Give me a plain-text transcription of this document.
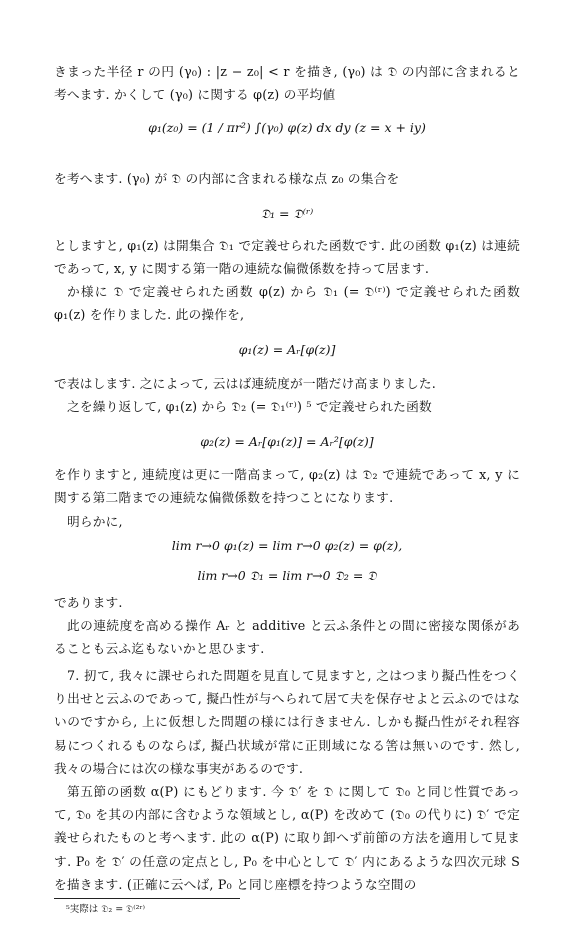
きまった半径 r の円 (γ₀) : |z − z₀| < r を描き, (γ₀) は 𝔇 の内部に含まれると考へます. かくして (γ₀) に関する φ(z) の平均値

φ₁(z₀) = (1 / πr²) ∫(γ₀) φ(z) dx dy (z = x + iy)

を考へます. (γ₀) が 𝔇 の内部に含まれる様な点 z₀ の集合を

𝔇₁ = 𝔇⁽ʳ⁾

としますと, φ₁(z) は開集合 𝔇₁ で定義せられた函数です. 此の函数 φ₁(z) は連続であって, x, y に関する第一階の連続な偏微係数を持って居ます.

か様に 𝔇 で定義せられた函数 φ(z) から 𝔇₁ (= 𝔇⁽ʳ⁾) で定義せられた函数 φ₁(z) を作りました. 此の操作を,

φ₁(z) = Aᵣ[φ(z)]

で表はします. 之によって, 云はば連続度が一階だけ高まりました.

之を繰り返して, φ₁(z) から 𝔇₂ (= 𝔇₁⁽ʳ⁾) ⁵ で定義せられた函数

φ₂(z) = Aᵣ[φ₁(z)] = Aᵣ²[φ(z)]

を作りますと, 連続度は更に一階高まって, φ₂(z) は 𝔇₂ で連続であって x, y に関する第二階までの連続な偏微係数を持つことになります.

明らかに,

lim r→0 φ₁(z) = lim r→0 φ₂(z) = φ(z),

lim r→0 𝔇₁ = lim r→0 𝔇₂ = 𝔇

であります.

此の連続度を高める操作 Aᵣ と additive と云ふ条件との間に密接な関係があることも云ふ迄もないかと思ひます.

7. 扨て, 我々に課せられた問題を見直して見ますと, 之はつまり擬凸性をつくり出せと云ふのであって, 擬凸性が与へられて居て夫を保存せよと云ふのではないのですから, 上に仮想した問題の様には行きません. しかも擬凸性がそれ程容易につくれるものならば, 擬凸状域が常に正則域になる筈は無いのです. 然し, 我々の場合には次の様な事実があるのです.

第五節の函数 α(P) にもどります. 今 𝔇′ を 𝔇 に関して 𝔇₀ と同じ性質であって, 𝔇₀ を其の内部に含むような領域とし, α(P) を改めて (𝔇₀ の代りに) 𝔇′ で定義せられたものと考へます. 此の α(P) に取り卸へず前節の方法を適用して見ます. P₀ を 𝔇′ の任意の定点とし, P₀ を中心として 𝔇′ 内にあるような四次元球 S を描きます. (正確に云へば, P₀ と同じ座標を持つような空間の

⁵実際は 𝔇₂ = 𝔇⁽²ʳ⁾
